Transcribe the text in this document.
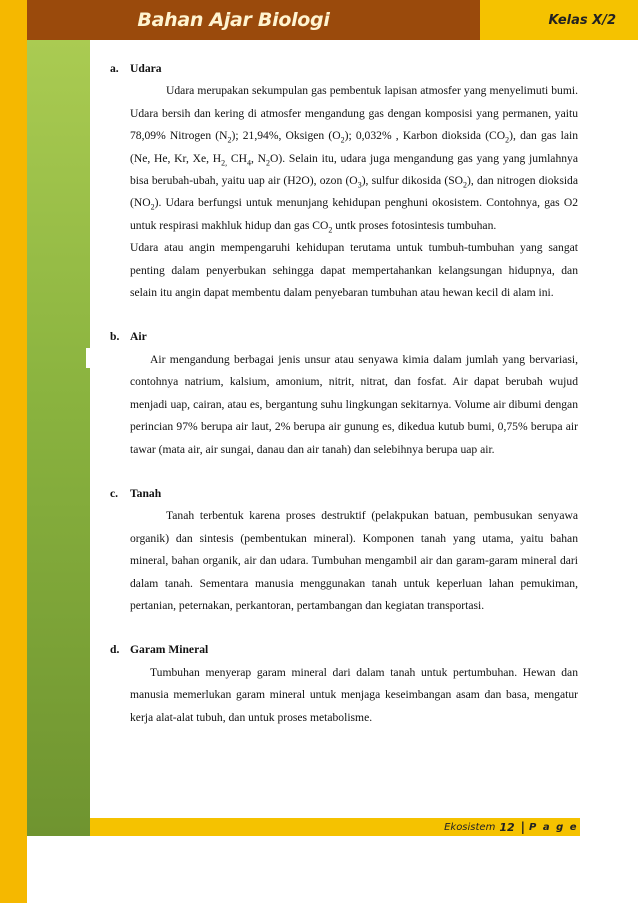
Bahan Ajar Biologi	Kelas X/2

a. Udara

Udara merupakan sekumpulan gas pembentuk lapisan atmosfer yang menyelimuti bumi. Udara bersih dan kering di atmosfer mengandung gas dengan komposisi yang permanen, yaitu 78,09% Nitrogen $(N_2)$; 21,94%, Oksigen $(O_2)$; 0,032% , Karbon dioksida $(CO_2)$, dan gas lain (Ne, He, Kr, Xe, $H_{2,}$ $CH_4$, $N_2O$). Selain itu, udara juga mengandung gas yang yang jumlahnya bisa berubah-ubah, yaitu uap air (H2O), ozon $(O_3)$, sulfur dikosida $(SO_2)$, dan nitrogen dioksida $(NO_2)$. Udara berfungsi untuk menunjang kehidupan penghuni okosistem. Contohnya, gas O2 untuk respirasi makhluk hidup dan gas $CO_2$ untk proses fotosintesis tumbuhan.

Udara atau angin mempengaruhi kehidupan terutama untuk tumbuh-tumbuhan yang sangat penting dalam penyerbukan sehingga dapat mempertahankan kelangsungan hidupnya, dan selain itu angin dapat membentu dalam penyebaran tumbuhan atau hewan kecil di alam ini.

b. Air

Air mengandung berbagai jenis unsur atau senyawa kimia dalam jumlah yang bervariasi, contohnya natrium, kalsium, amonium, nitrit, nitrat, dan fosfat. Air dapat berubah wujud menjadi uap, cairan, atau es, bergantung suhu lingkungan sekitarnya. Volume air dibumi dengan perincian 97% berupa air laut, 2% berupa air gunung es, dikedua kutub bumi, 0,75% berupa air tawar (mata air, air sungai, danau dan air tanah) dan selebihnya berupa uap air.

c. Tanah

Tanah terbentuk karena proses destruktif (pelakpukan batuan, pembusukan senyawa organik) dan sintesis (pembentukan mineral). Komponen tanah yang utama, yaitu bahan mineral, bahan organik, air dan udara. Tumbuhan mengambil air dan garam-garam mineral dari dalam tanah. Sementara manusia menggunakan tanah untuk keperluan lahan pemukiman, pertanian, peternakan, perkantoran, pertambangan dan kegiatan transportasi.

d. Garam Mineral

Tumbuhan menyerap garam mineral dari dalam tanah untuk pertumbuhan. Hewan dan manusia memerlukan garam mineral untuk menjaga keseimbangan asam dan basa, mengatur kerja alat-alat tubuh, dan untuk proses metabolisme.

Ekosistem 12 | P a g e
